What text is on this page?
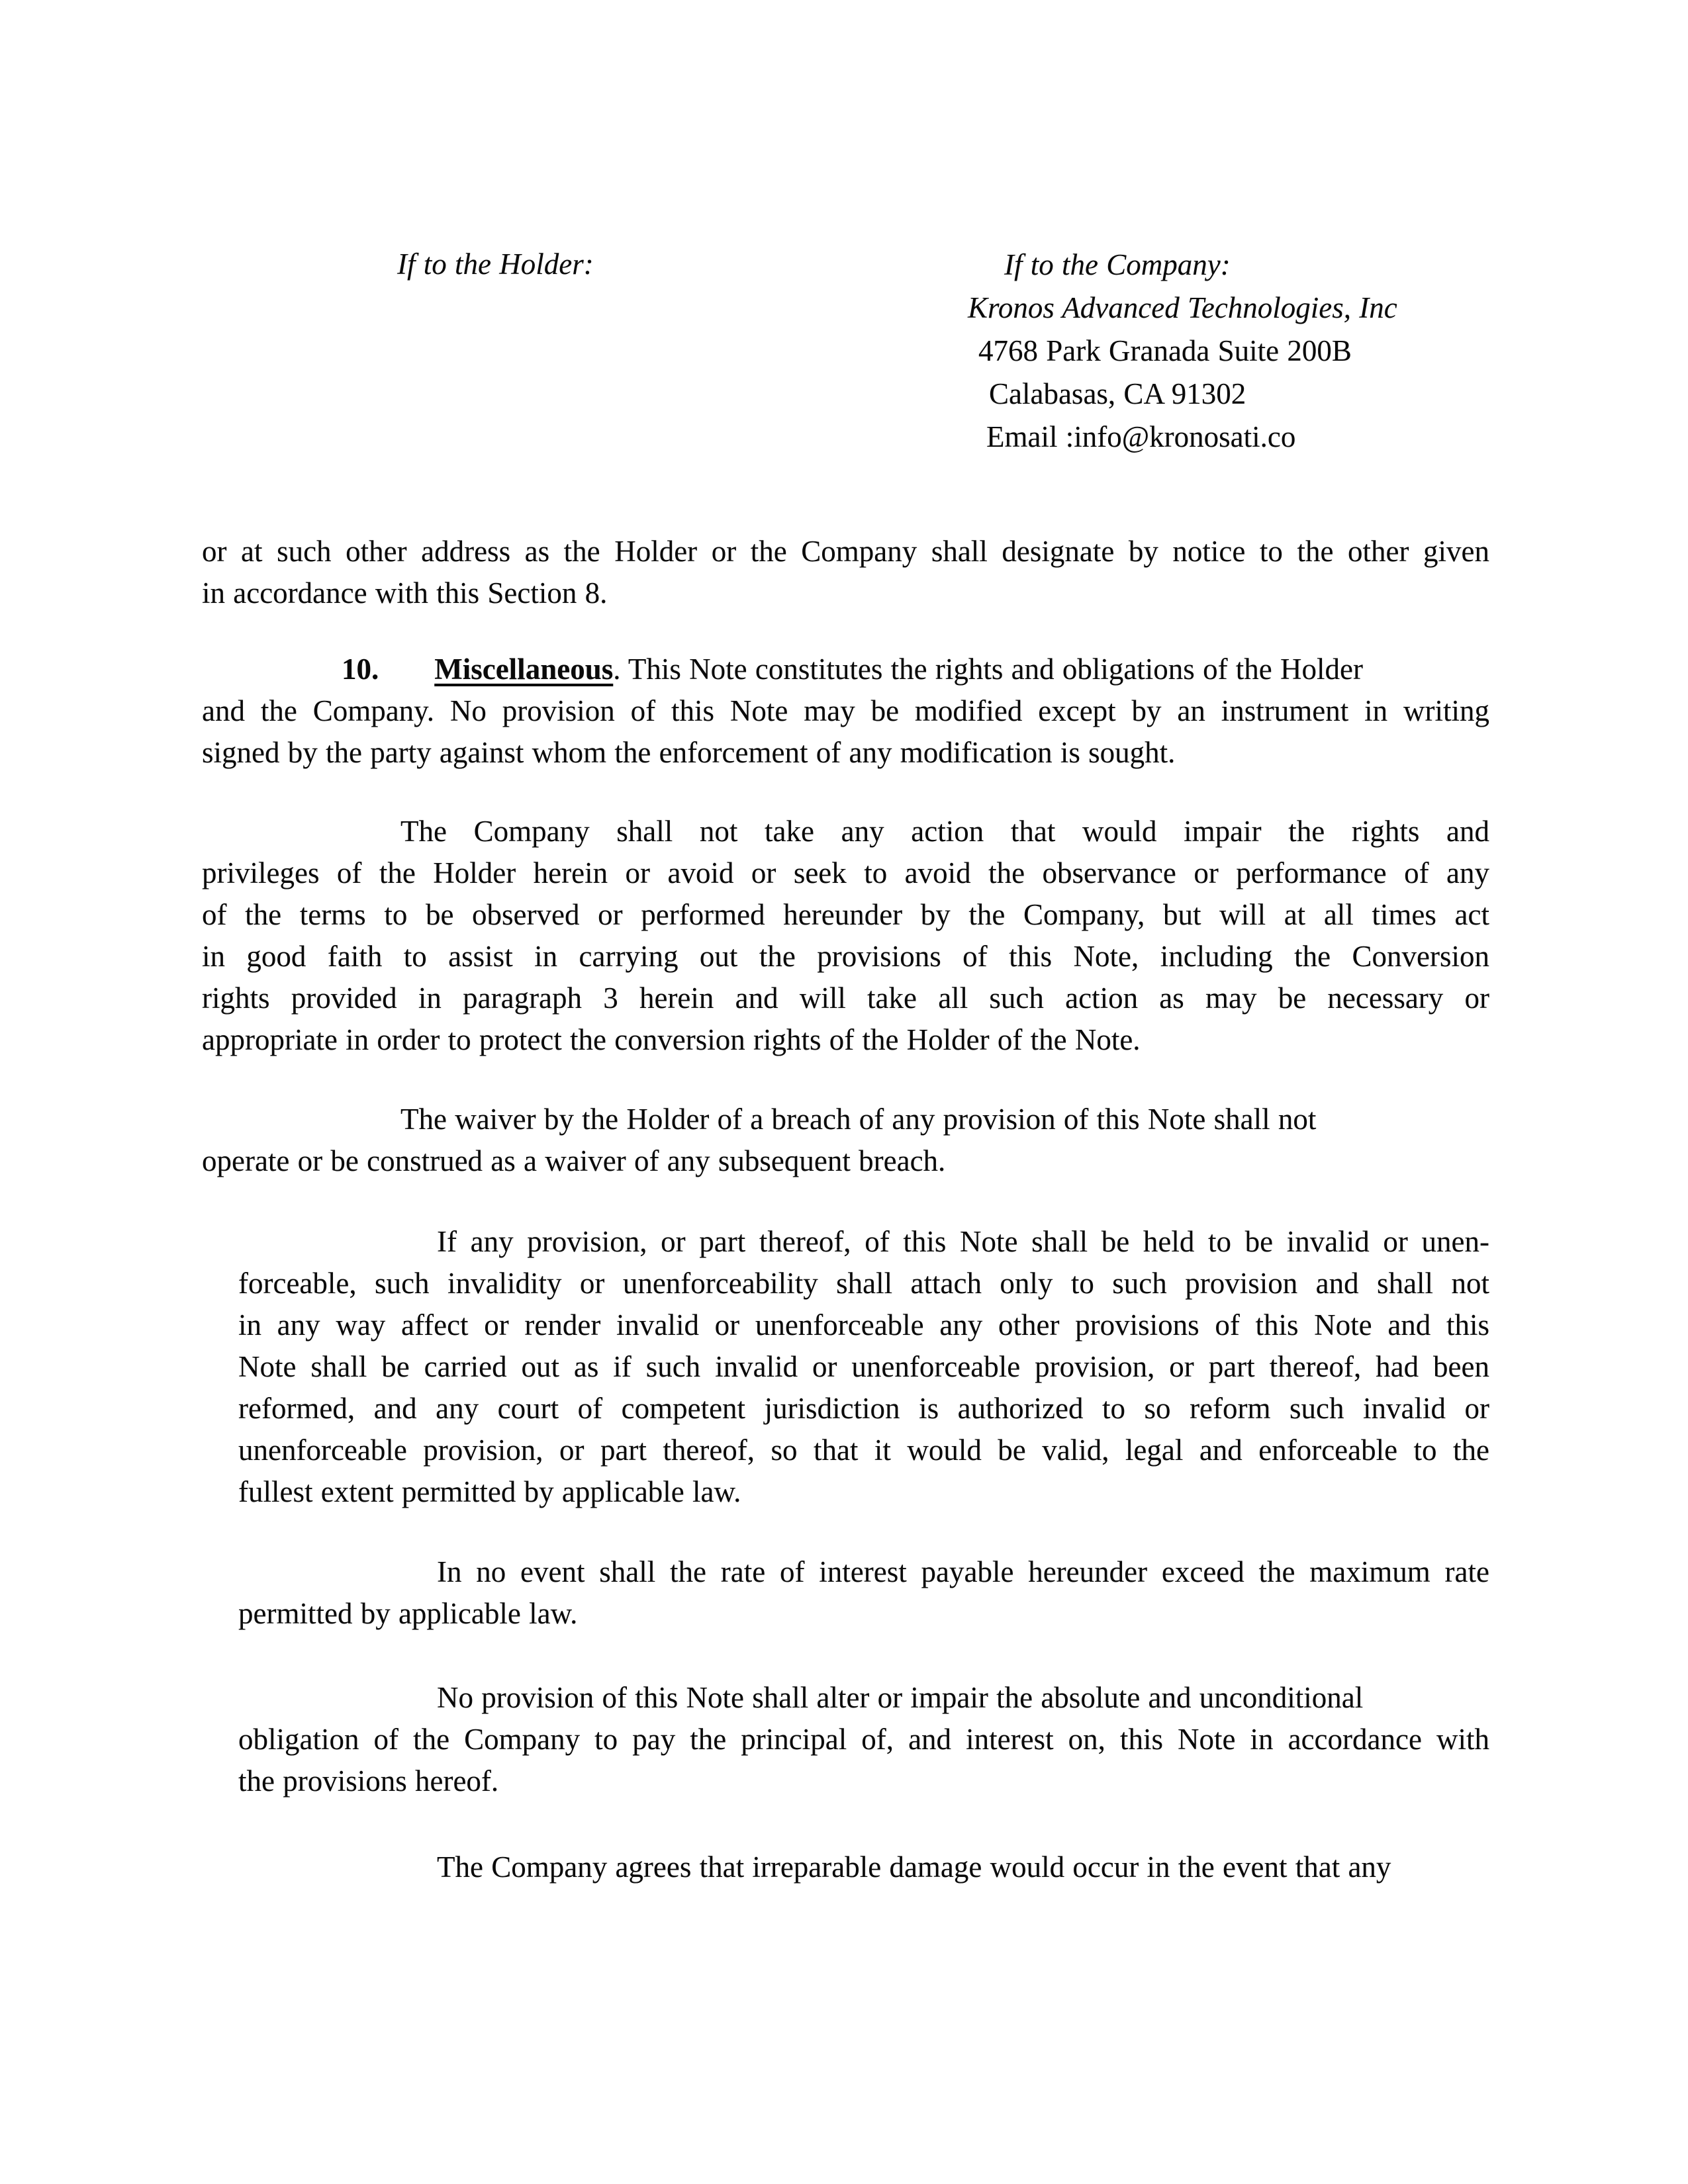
If to the Holder:	If to the Company:
Kronos Advanced Technologies, Inc
4768 Park Granada Suite 200B
Calabasas, CA 91302
Email :info@kronosati.co
or at such other address as the Holder or the Company shall designate by notice to the other given
in accordance with this Section 8.
10. Miscellaneous. This Note constitutes the rights and obligations of the Holder
and the Company. No provision of this Note may be modified except by an instrument in writing
signed by the party against whom the enforcement of any modification is sought.
The Company shall not take any action that would impair the rights and
privileges of the Holder herein or avoid or seek to avoid the observance or performance of any
of the terms to be observed or performed hereunder by the Company, but will at all times act
in good faith to assist in carrying out the provisions of this Note, including the Conversion
rights provided in paragraph 3 herein and will take all such action as may be necessary or
appropriate in order to protect the conversion rights of the Holder of the Note.
The waiver by the Holder of a breach of any provision of this Note shall not
operate or be construed as a waiver of any subsequent breach.
If any provision, or part thereof, of this Note shall be held to be invalid or unen-
forceable, such invalidity or unenforceability shall attach only to such provision and shall not
in any way affect or render invalid or unenforceable any other provisions of this Note and this
Note shall be carried out as if such invalid or unenforceable provision, or part thereof, had been
reformed, and any court of competent jurisdiction is authorized to so reform such invalid or
unenforceable provision, or part thereof, so that it would be valid, legal and enforceable to the
fullest extent permitted by applicable law.
In no event shall the rate of interest payable hereunder exceed the maximum rate
permitted by applicable law.
No provision of this Note shall alter or impair the absolute and unconditional
obligation of the Company to pay the principal of, and interest on, this Note in accordance with
the provisions hereof.
The Company agrees that irreparable damage would occur in the event that any
